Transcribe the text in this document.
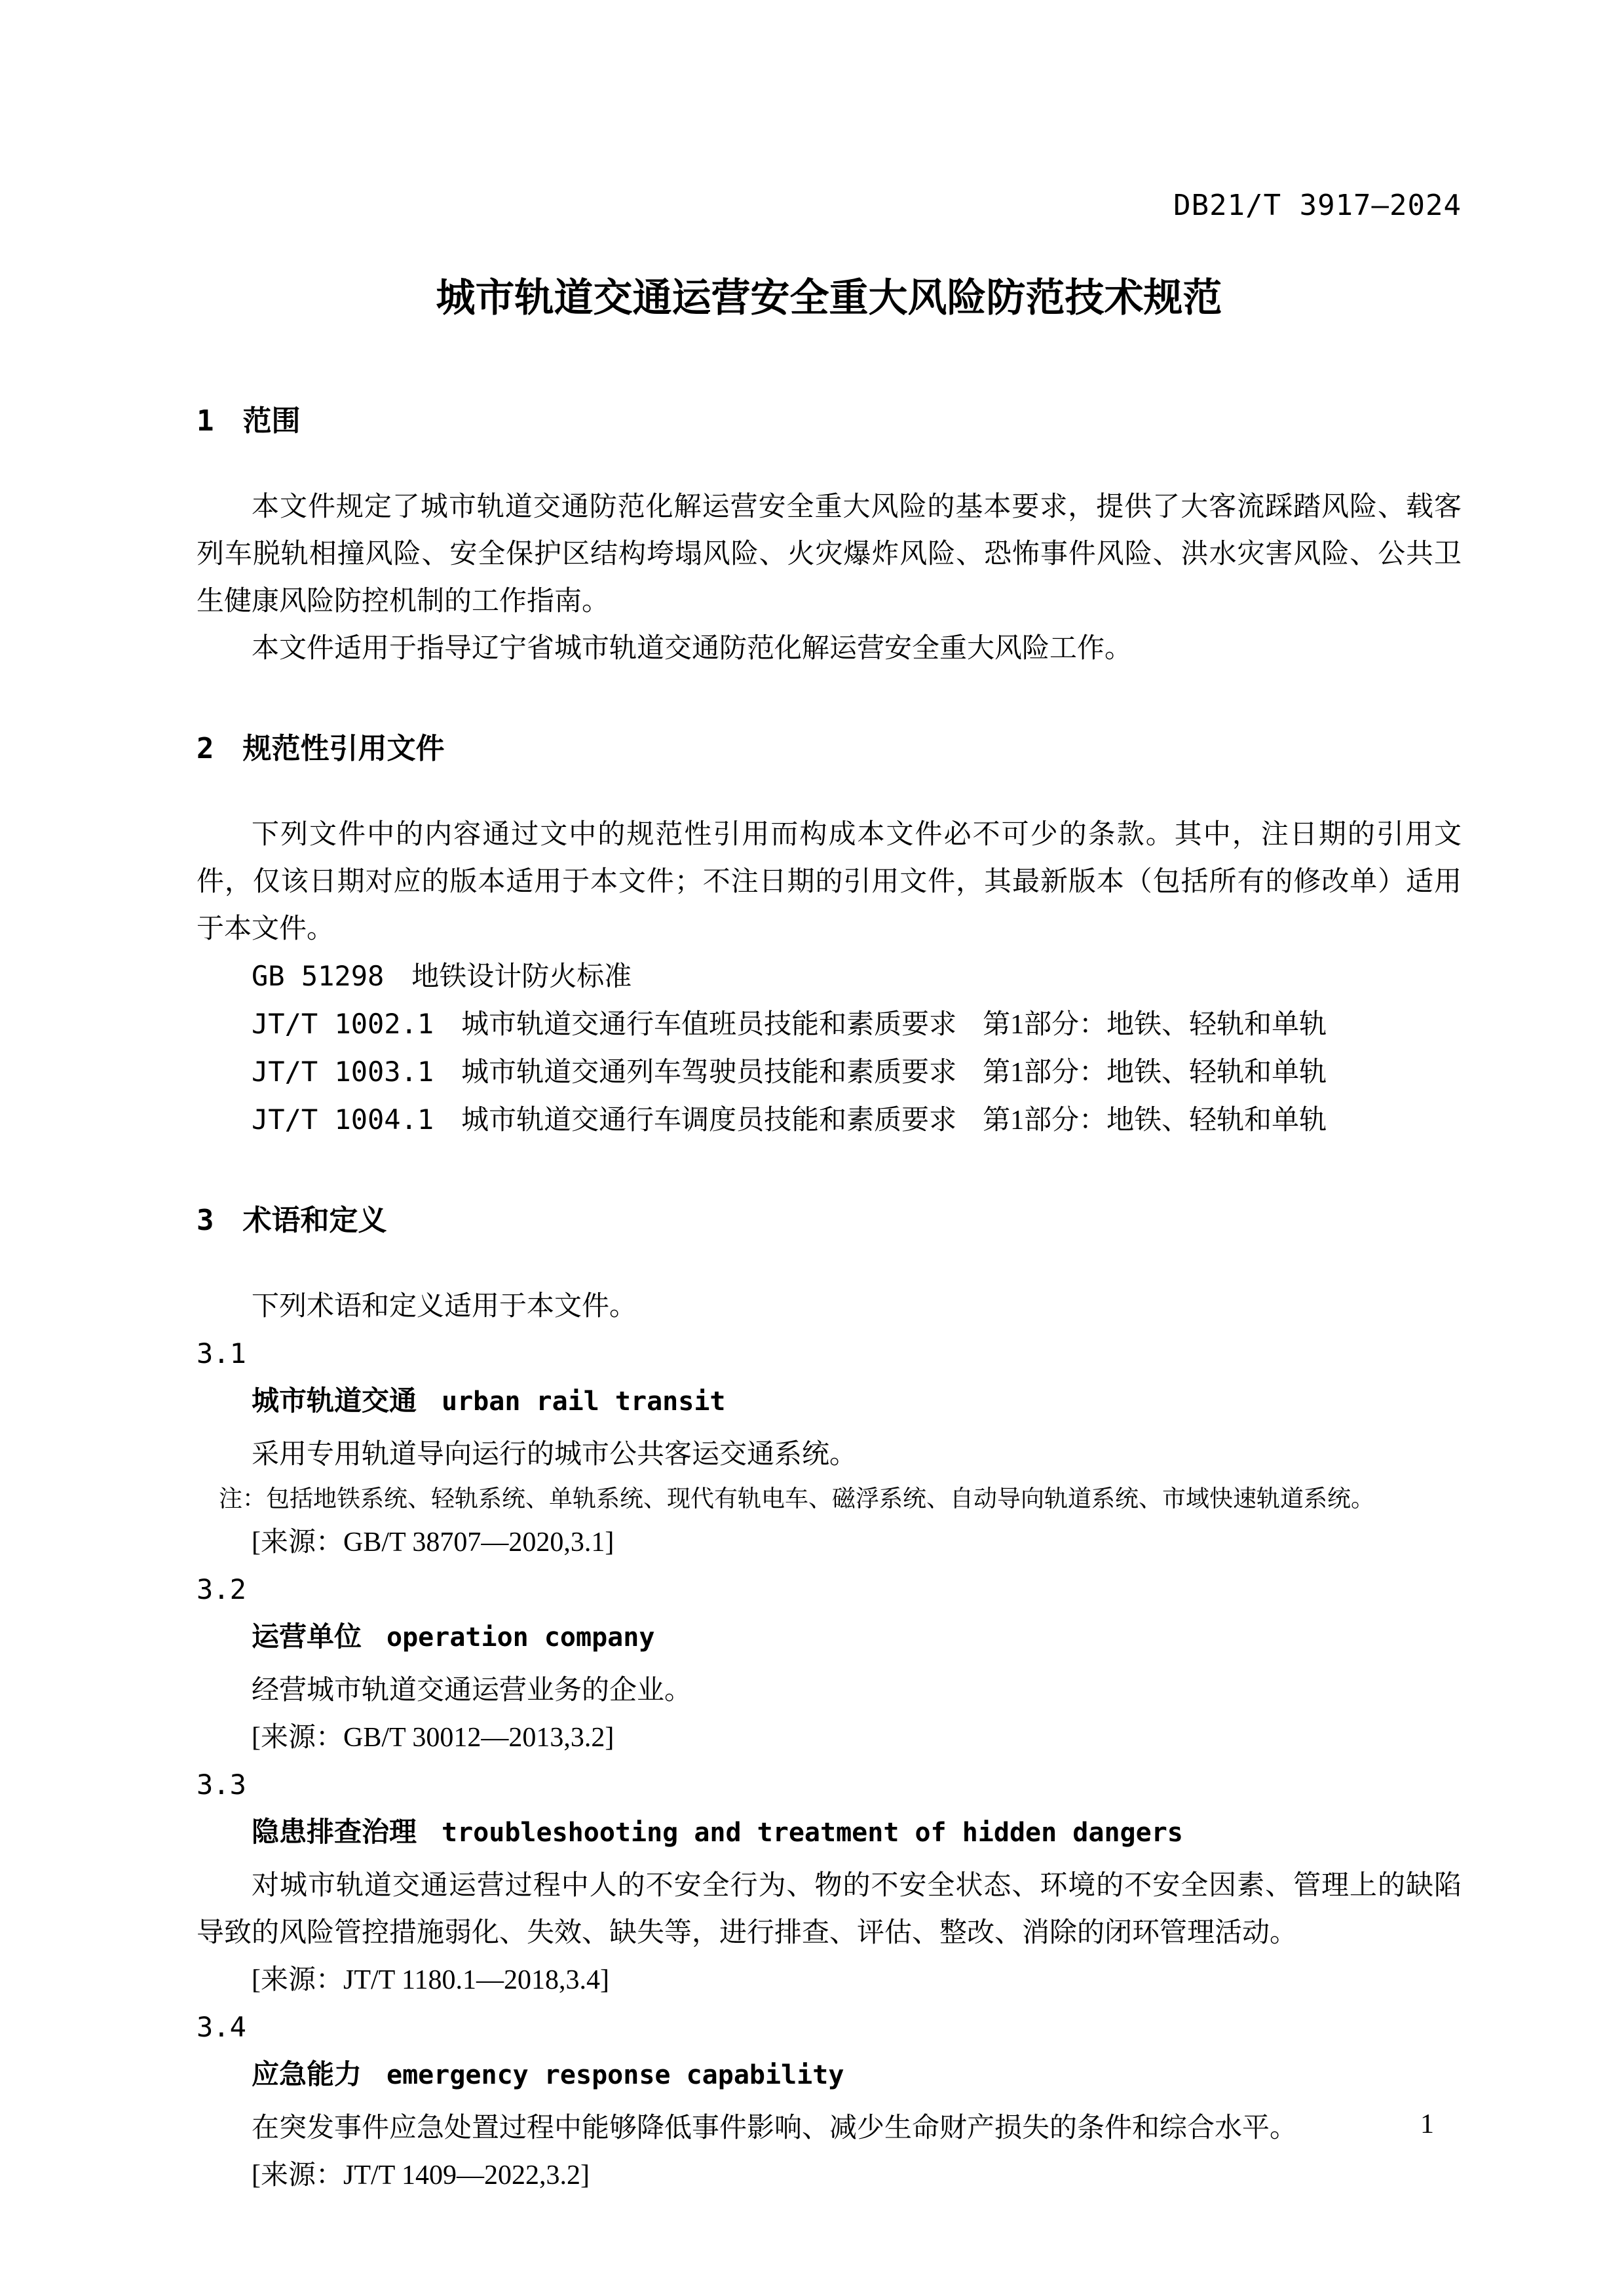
DB21/T 3917—2024
城市轨道交通运营安全重大风险防范技术规范
1 范围
本文件规定了城市轨道交通防范化解运营安全重大风险的基本要求，提供了大客流踩踏风险、载客列车脱轨相撞风险、安全保护区结构垮塌风险、火灾爆炸风险、恐怖事件风险、洪水灾害风险、公共卫生健康风险防控机制的工作指南。
本文件适用于指导辽宁省城市轨道交通防范化解运营安全重大风险工作。
2 规范性引用文件
下列文件中的内容通过文中的规范性引用而构成本文件必不可少的条款。其中，注日期的引用文件，仅该日期对应的版本适用于本文件；不注日期的引用文件，其最新版本（包括所有的修改单）适用于本文件。
GB 51298 地铁设计防火标准
JT/T 1002.1 城市轨道交通行车值班员技能和素质要求 第1部分：地铁、轻轨和单轨
JT/T 1003.1 城市轨道交通列车驾驶员技能和素质要求 第1部分：地铁、轻轨和单轨
JT/T 1004.1 城市轨道交通行车调度员技能和素质要求 第1部分：地铁、轻轨和单轨
3 术语和定义
下列术语和定义适用于本文件。
3.1
城市轨道交通 urban rail transit
采用专用轨道导向运行的城市公共客运交通系统。
注：包括地铁系统、轻轨系统、单轨系统、现代有轨电车、磁浮系统、自动导向轨道系统、市域快速轨道系统。
[来源：GB/T 38707—2020,3.1]
3.2
运营单位 operation company
经营城市轨道交通运营业务的企业。
[来源：GB/T 30012—2013,3.2]
3.3
隐患排查治理 troubleshooting and treatment of hidden dangers
对城市轨道交通运营过程中人的不安全行为、物的不安全状态、环境的不安全因素、管理上的缺陷导致的风险管控措施弱化、失效、缺失等，进行排查、评估、整改、消除的闭环管理活动。
[来源：JT/T 1180.1—2018,3.4]
3.4
应急能力 emergency response capability
在突发事件应急处置过程中能够降低事件影响、减少生命财产损失的条件和综合水平。
[来源：JT/T 1409—2022,3.2]
1
